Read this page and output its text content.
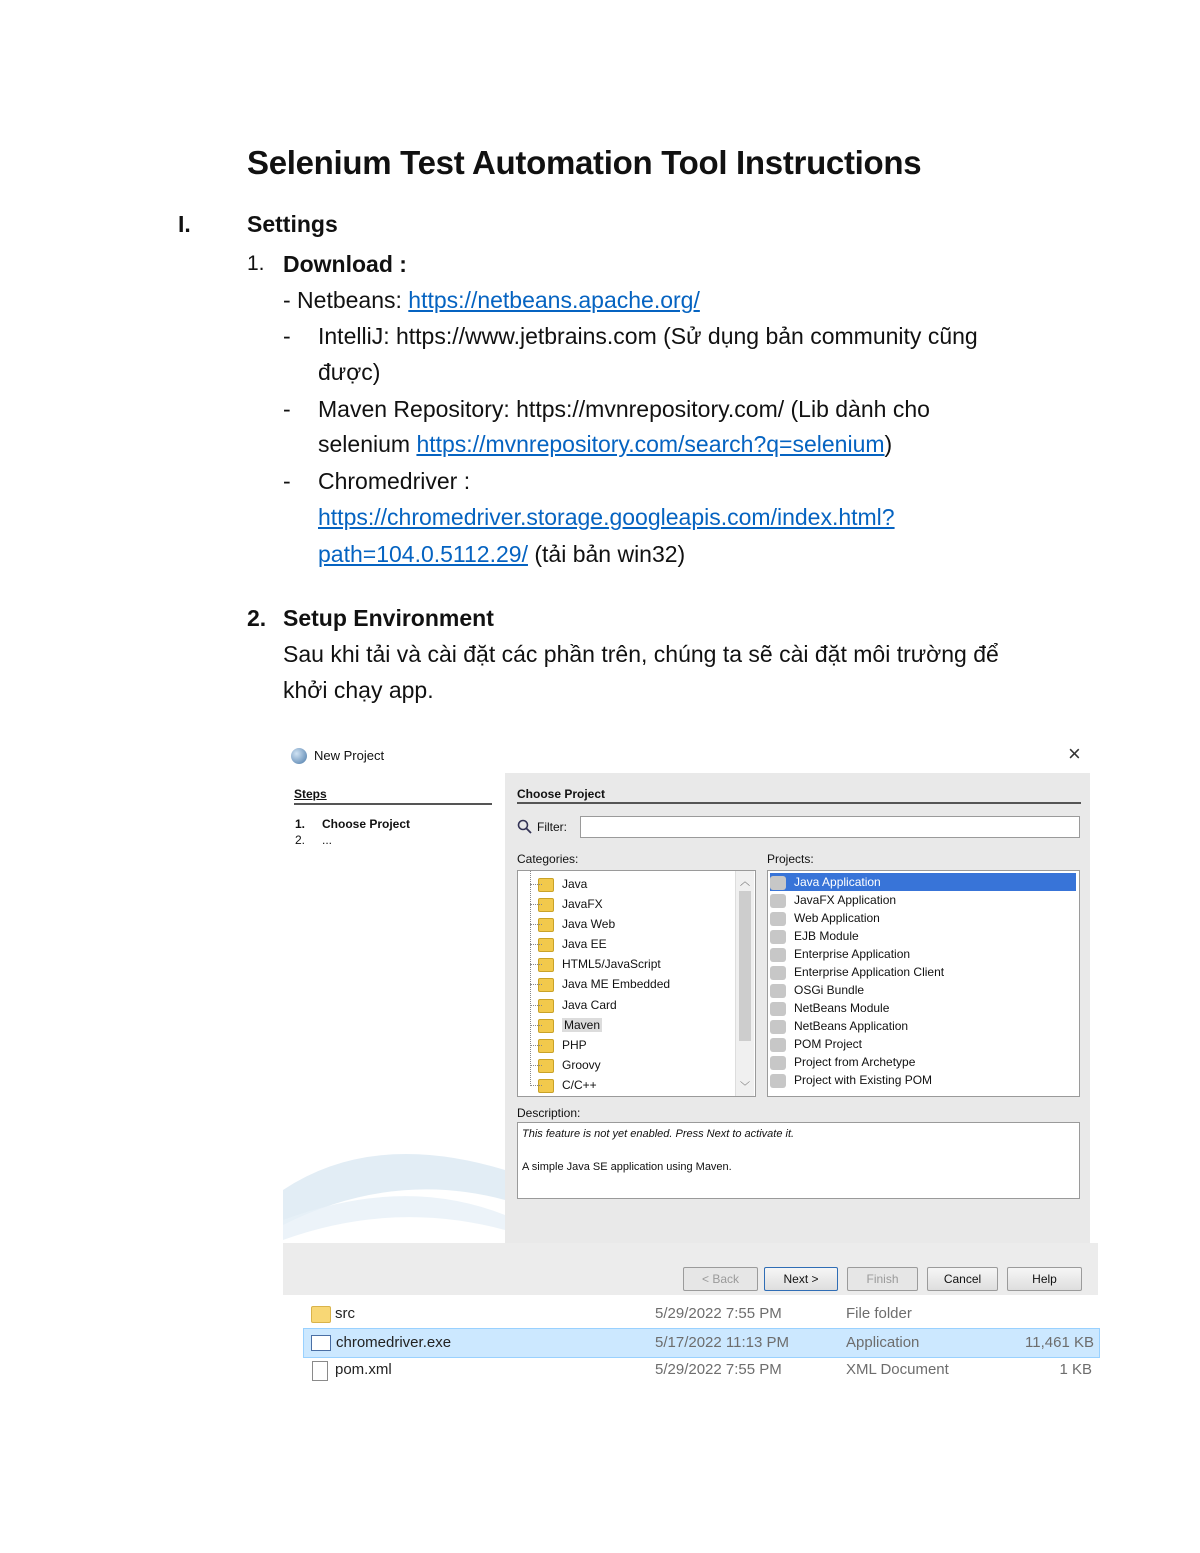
Selenium Test Automation Tool Instructions
I. Settings
1. Download :
- Netbeans: https://netbeans.apache.org/
- IntelliJ: https://www.jetbrains.com (Sử dụng bản community cũng
được)
- Maven Repository: https://mvnrepository.com/ (Lib dành cho
selenium https://mvnrepository.com/search?q=selenium)
- Chromedriver :
https://chromedriver.storage.googleapis.com/index.html?
path=104.0.5112.29/ (tải bản win32)
2. Setup Environment
Sau khi tải và cài đặt các phần trên, chúng ta sẽ cài đặt môi trường để
khởi chạy app.
New Project	×
Steps
1. Choose Project
2. ...
Choose Project
Filter:
Categories:	Projects:
Java
JavaFX
Java Web
Java EE
HTML5/JavaScript
Java ME Embedded
Java Card
Maven
PHP
Groovy
C/C++
︿
﹀
Java Application
JavaFX Application
Web Application
EJB Module
Enterprise Application
Enterprise Application Client
OSGi Bundle
NetBeans Module
NetBeans Application
POM Project
Project from Archetype
Project with Existing POM
Description:
This feature is not yet enabled. Press Next to activate it.
A simple Java SE application using Maven.
< Back	Next >	Finish	Cancel	Help
src	5/29/2022 7:55 PM	File folder
chromedriver.exe	5/17/2022 11:13 PM	Application	11,461 KB
pom.xml	5/29/2022 7:55 PM	XML Document	1 KB
